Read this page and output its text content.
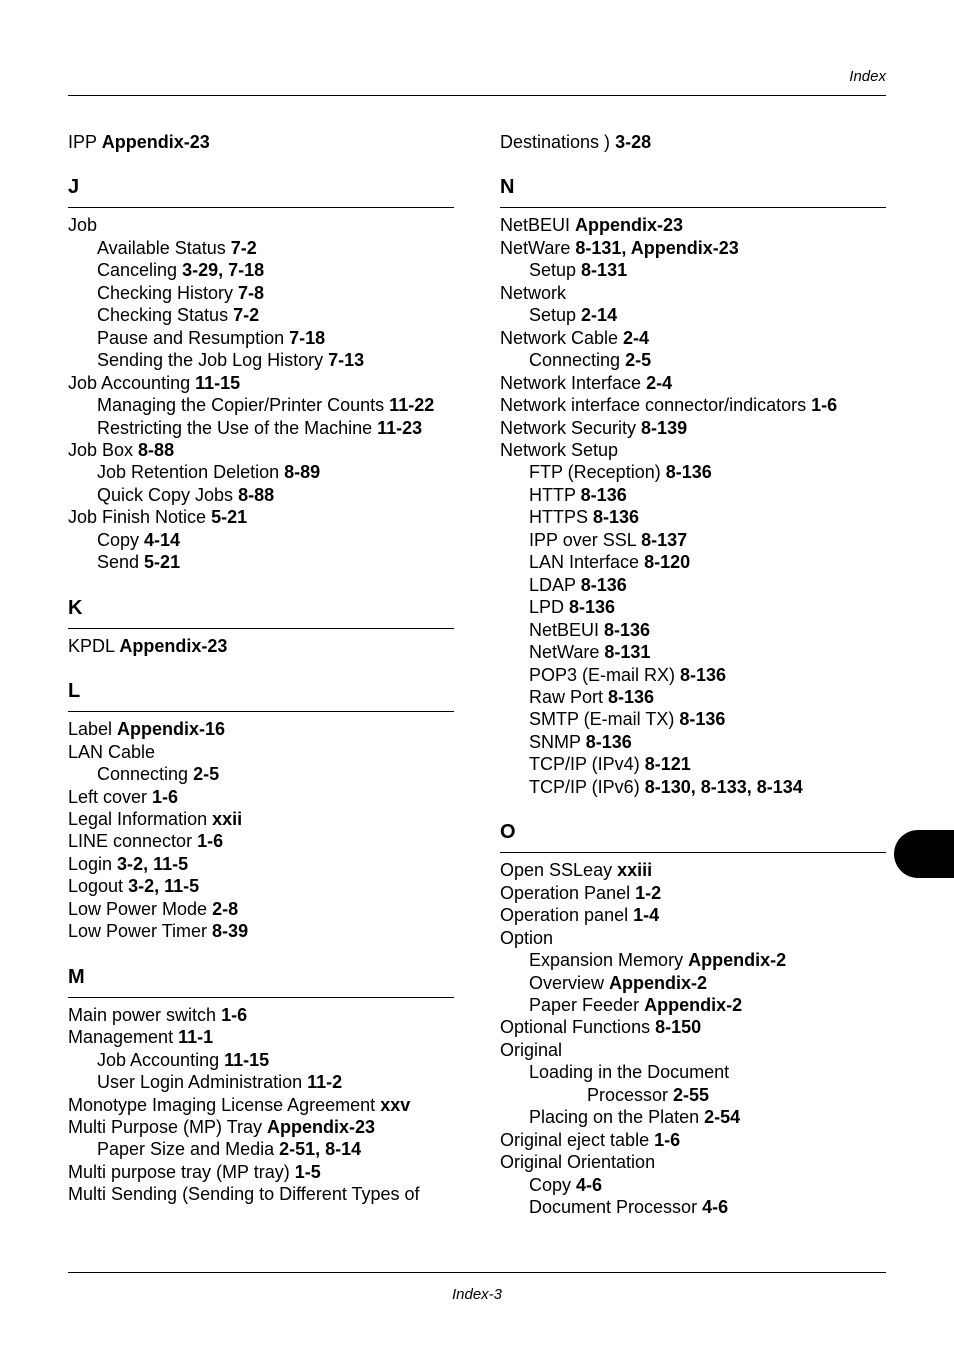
Index
IPP Appendix-23
J
Job
Available Status 7-2
Canceling 3-29, 7-18
Checking History 7-8
Checking Status 7-2
Pause and Resumption 7-18
Sending the Job Log History 7-13
Job Accounting 11-15
Managing the Copier/Printer Counts 11-22
Restricting the Use of the Machine 11-23
Job Box 8-88
Job Retention Deletion 8-89
Quick Copy Jobs 8-88
Job Finish Notice 5-21
Copy 4-14
Send 5-21
K
KPDL Appendix-23
L
Label Appendix-16
LAN Cable
Connecting 2-5
Left cover 1-6
Legal Information xxii
LINE connector 1-6
Login 3-2, 11-5
Logout 3-2, 11-5
Low Power Mode 2-8
Low Power Timer 8-39
M
Main power switch 1-6
Management 11-1
Job Accounting 11-15
User Login Administration 11-2
Monotype Imaging License Agreement xxv
Multi Purpose (MP) Tray Appendix-23
Paper Size and Media 2-51, 8-14
Multi purpose tray (MP tray) 1-5
Multi Sending (Sending to Different Types of
Destinations ) 3-28
N
NetBEUI Appendix-23
NetWare 8-131, Appendix-23
Setup 8-131
Network
Setup 2-14
Network Cable 2-4
Connecting 2-5
Network Interface 2-4
Network interface connector/indicators 1-6
Network Security 8-139
Network Setup
FTP (Reception) 8-136
HTTP 8-136
HTTPS 8-136
IPP over SSL 8-137
LAN Interface 8-120
LDAP 8-136
LPD 8-136
NetBEUI 8-136
NetWare 8-131
POP3 (E-mail RX) 8-136
Raw Port 8-136
SMTP (E-mail TX) 8-136
SNMP 8-136
TCP/IP (IPv4) 8-121
TCP/IP (IPv6) 8-130, 8-133, 8-134
O
Open SSLeay xxiii
Operation Panel 1-2
Operation panel 1-4
Option
Expansion Memory Appendix-2
Overview Appendix-2
Paper Feeder Appendix-2
Optional Functions 8-150
Original
Loading in the Document
Processor 2-55
Placing on the Platen 2-54
Original eject table 1-6
Original Orientation
Copy 4-6
Document Processor 4-6
Index-3
